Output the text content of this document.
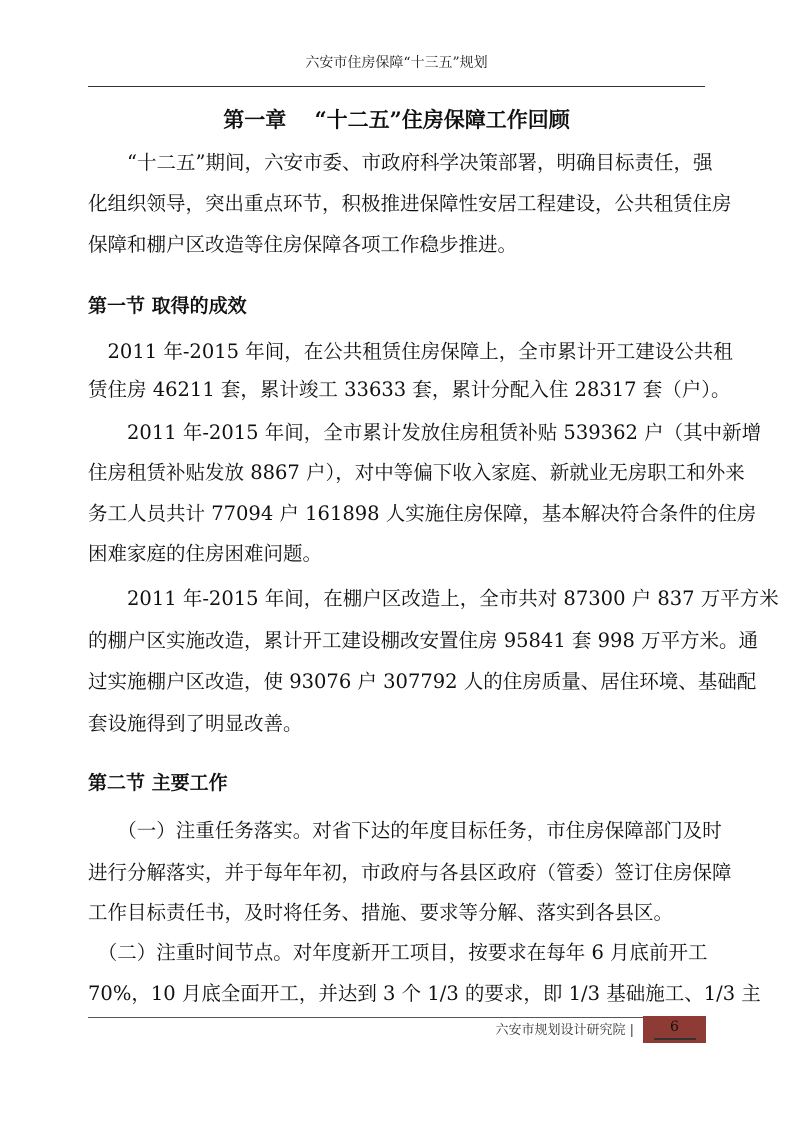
六安市住房保障“十三五”规划
第一章　 “十二五”住房保障工作回顾
　　“十二五”期间，六安市委、市政府科学决策部署，明确目标责任，强
化组织领导，突出重点环节，积极推进保障性安居工程建设，公共租赁住房
保障和棚户区改造等住房保障各项工作稳步推进。
第一节 取得的成效
　2011 年-2015 年间，在公共租赁住房保障上，全市累计开工建设公共租
赁住房 46211 套，累计竣工 33633 套，累计分配入住 28317 套（户）。
　　2011 年-2015 年间，全市累计发放住房租赁补贴 539362 户（其中新增
住房租赁补贴发放 8867 户），对中等偏下收入家庭、新就业无房职工和外来
务工人员共计 77094 户 161898 人实施住房保障，基本解决符合条件的住房
困难家庭的住房困难问题。
　　2011 年-2015 年间，在棚户区改造上，全市共对 87300 户 837 万平方米
的棚户区实施改造，累计开工建设棚改安置住房 95841 套 998 万平方米。通
过实施棚户区改造，使 93076 户 307792 人的住房质量、居住环境、基础配
套设施得到了明显改善。
第二节 主要工作
　　（一）注重任务落实。对省下达的年度目标任务，市住房保障部门及时
进行分解落实，并于每年年初，市政府与各县区政府（管委）签订住房保障
工作目标责任书，及时将任务、措施、要求等分解、落实到各县区。
　（二）注重时间节点。对年度新开工项目，按要求在每年 6 月底前开工
70%，10 月底全面开工，并达到 3 个 1/3 的要求，即 1/3 基础施工、1/3 主
六安市规划设计研究院 |	6
